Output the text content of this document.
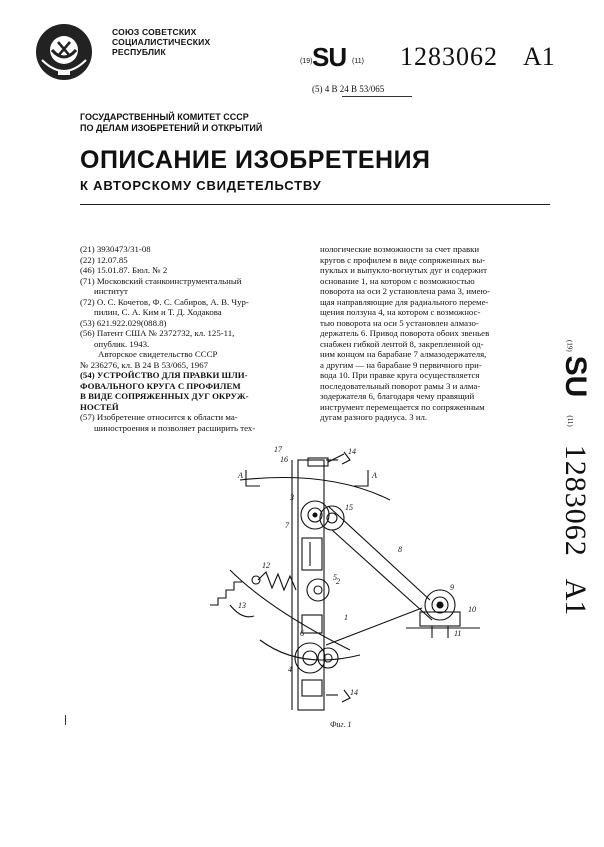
СОЮЗ СОВЕТСКИХ
СОЦИАЛИСТИЧЕСКИХ
РЕСПУБЛИК
(19) SU (11) 1283062 A1
(5) 4 В 24 В 53/065
ГОСУДАРСТВЕННЫЙ КОМИТЕТ СССР
ПО ДЕЛАМ ИЗОБРЕТЕНИЙ И ОТКРЫТИЙ
ОПИСАНИЕ ИЗОБРЕТЕНИЯ
К АВТОРСКОМУ СВИДЕТЕЛЬСТВУ
(21) 3930473/31-08
(22) 12.07.85
(46) 15.01.87. Бюл. № 2
(71) Московский станкоинструментальный
институт
(72) О. С. Кочетов, Ф. С. Сабиров, А. В. Чур-
пилин, С. А. Ким и Т. Д. Ходакова
(53) 621.922.029(088.8)
(56) Патент США № 2372732, кл. 125-11,
опублик. 1943.
Авторское свидетельство СССР
№ 236276, кл. В 24 В 53/065, 1967
(54) УСТРОЙСТВО ДЛЯ ПРАВКИ ШЛИ-
ФОВАЛЬНОГО КРУГА С ПРОФИЛЕМ
В ВИДЕ СОПРЯЖЕННЫХ ДУГ ОКРУЖ-
НОСТЕЙ
(57) Изобретение относится к области ма-
шиностроения и позволяет расширить тех-
нологические возможности за счет правки
кругов с профилем в виде сопряженных вы-
пуклых и выпукло-вогнутых дуг и содержит
основание 1, на котором с возможностью
поворота на оси 2 установлена рама 3, имею-
щая направляющие для радиального переме-
щения ползуна 4, на котором с возможнос-
тью поворота на оси 5 установлен алмазо-
держатель 6. Привод поворота обоих звеньев
снабжен гибкой лентой 8, закрепленной од-
ним концом на барабане 7 алмазодержателя,
а другим — на барабане 9 первичного при-
вода 10. При правке круга осуществляется
последовательный поворот рамы 3 и алма-
зодержателя 6, благодаря чему правящий
инструмент перемещается по сопряженным
дугам разного радиуса. 3 ил.
(19) SU (11) 1283062 A1
17
16
14
15
A	A
3
7
5
8
9
10
12
2
13
6	11
1
4
14
Фиг. 1
